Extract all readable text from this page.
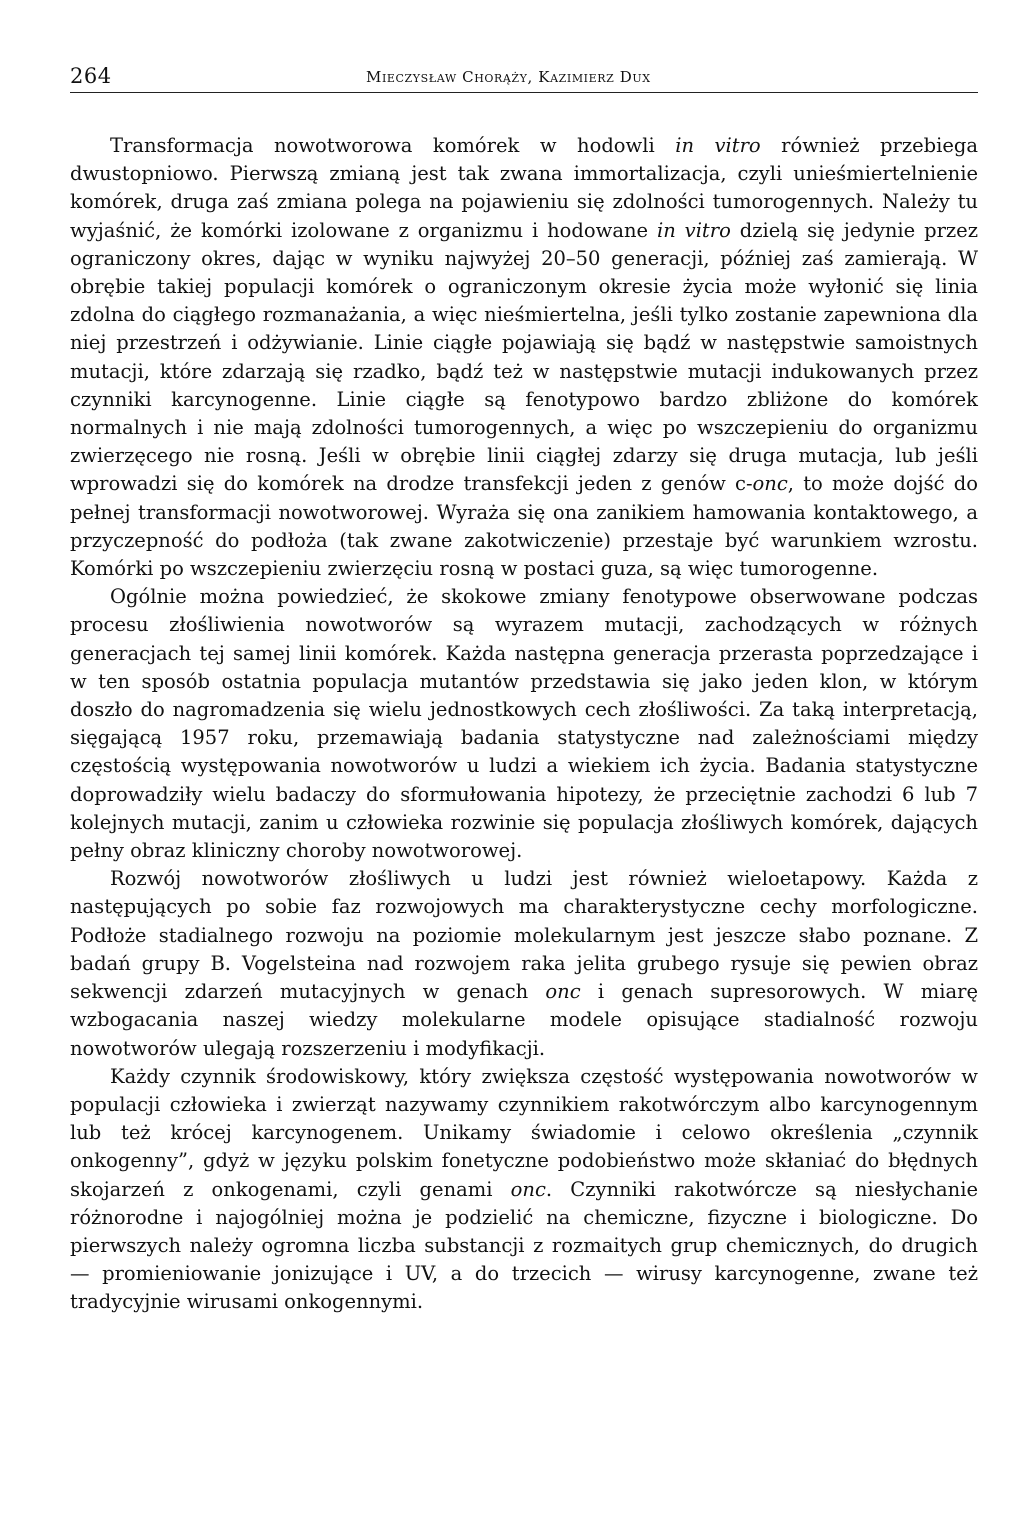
264	Mieczysław Chorąży, Kazimierz Dux

Transformacja nowotworowa komórek w hodowli in vitro również przebiega dwustopniowo. Pierwszą zmianą jest tak zwana immortalizacja, czyli unieśmiertelnienie komórek, druga zaś zmiana polega na pojawieniu się zdolności tumorogennych. Należy tu wyjaśnić, że komórki izolowane z organizmu i hodowane in vitro dzielą się jedynie przez ograniczony okres, dając w wyniku najwyżej 20–50 generacji, później zaś zamierają. W obrębie takiej populacji komórek o ograniczonym okresie życia może wyłonić się linia zdolna do ciągłego rozmanażania, a więc nieśmiertelna, jeśli tylko zostanie zapewniona dla niej przestrzeń i odżywianie. Linie ciągłe pojawiają się bądź w następstwie samoistnych mutacji, które zdarzają się rzadko, bądź też w następstwie mutacji indukowanych przez czynniki karcynogenne. Linie ciągłe są fenotypowo bardzo zbliżone do komórek normalnych i nie mają zdolności tumorogennych, a więc po wszczepieniu do organizmu zwierzęcego nie rosną. Jeśli w obrębie linii ciągłej zdarzy się druga mutacja, lub jeśli wprowadzi się do komórek na drodze transfekcji jeden z genów c-onc, to może dojść do pełnej transformacji nowotworowej. Wyraża się ona zanikiem hamowania kontaktowego, a przyczepność do podłoża (tak zwane zakotwiczenie) przestaje być warunkiem wzrostu. Komórki po wszczepieniu zwierzęciu rosną w postaci guza, są więc tumorogenne.

Ogólnie można powiedzieć, że skokowe zmiany fenotypowe obserwowane podczas procesu złośliwienia nowotworów są wyrazem mutacji, zachodzących w różnych generacjach tej samej linii komórek. Każda następna generacja przerasta poprzedzające i w ten sposób ostatnia populacja mutantów przedstawia się jako jeden klon, w którym doszło do nagromadzenia się wielu jednostkowych cech złośliwości. Za taką interpretacją, sięgającą 1957 roku, przemawiają badania statystyczne nad zależnościami między częstością występowania nowotworów u ludzi a wiekiem ich życia. Badania statystyczne doprowadziły wielu badaczy do sformułowania hipotezy, że przeciętnie zachodzi 6 lub 7 kolejnych mutacji, zanim u człowieka rozwinie się populacja złośliwych komórek, dających pełny obraz kliniczny choroby nowotworowej.

Rozwój nowotworów złośliwych u ludzi jest również wieloetapowy. Każda z następujących po sobie faz rozwojowych ma charakterystyczne cechy morfologiczne. Podłoże stadialnego rozwoju na poziomie molekularnym jest jeszcze słabo poznane. Z badań grupy B. Vogelsteina nad rozwojem raka jelita grubego rysuje się pewien obraz sekwencji zdarzeń mutacyjnych w genach onc i genach supresorowych. W miarę wzbogacania naszej wiedzy molekularne modele opisujące stadialność rozwoju nowotworów ulegają rozszerzeniu i modyfikacji.

Każdy czynnik środowiskowy, który zwiększa częstość występowania nowotworów w populacji człowieka i zwierząt nazywamy czynnikiem rakotwórczym albo karcynogennym lub też krócej karcynogenem. Unikamy świadomie i celowo określenia „czynnik onkogenny”, gdyż w języku polskim fonetyczne podobieństwo może skłaniać do błędnych skojarzeń z onkogenami, czyli genami onc. Czynniki rakotwórcze są niesłychanie różnorodne i najogólniej można je podzielić na chemiczne, fizyczne i biologiczne. Do pierwszych należy ogromna liczba substancji z rozmaitych grup chemicznych, do drugich — promieniowanie jonizujące i UV, a do trzecich — wirusy karcynogenne, zwane też tradycyjnie wirusami onkogennymi.
